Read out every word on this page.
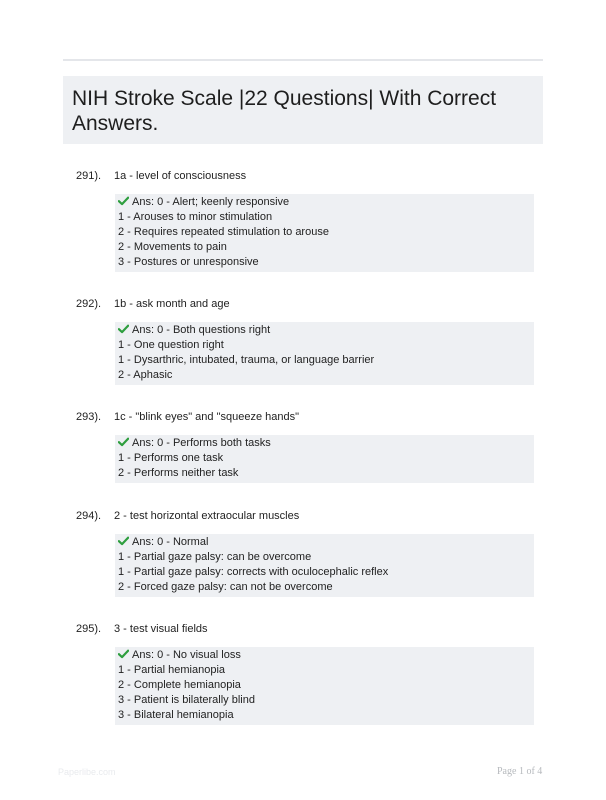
NIH Stroke Scale |22 Questions| With Correct Answers.
291). 1a - level of consciousness
Ans: 0 - Alert; keenly responsive
1 - Arouses to minor stimulation
2 - Requires repeated stimulation to arouse
2 - Movements to pain
3 - Postures or unresponsive
292). 1b - ask month and age
Ans: 0 - Both questions right
1 - One question right
1 - Dysarthric, intubated, trauma, or language barrier
2 - Aphasic
293). 1c - "blink eyes" and "squeeze hands"
Ans: 0 - Performs both tasks
1 - Performs one task
2 - Performs neither task
294). 2 - test horizontal extraocular muscles
Ans: 0 - Normal
1 - Partial gaze palsy: can be overcome
1 - Partial gaze palsy: corrects with oculocephalic reflex
2 - Forced gaze palsy: can not be overcome
295). 3 - test visual fields
Ans: 0 - No visual loss
1 - Partial hemianopia
2 - Complete hemianopia
3 - Patient is bilaterally blind
3 - Bilateral hemianopia
Paperlibe.com	Page 1 of 4
